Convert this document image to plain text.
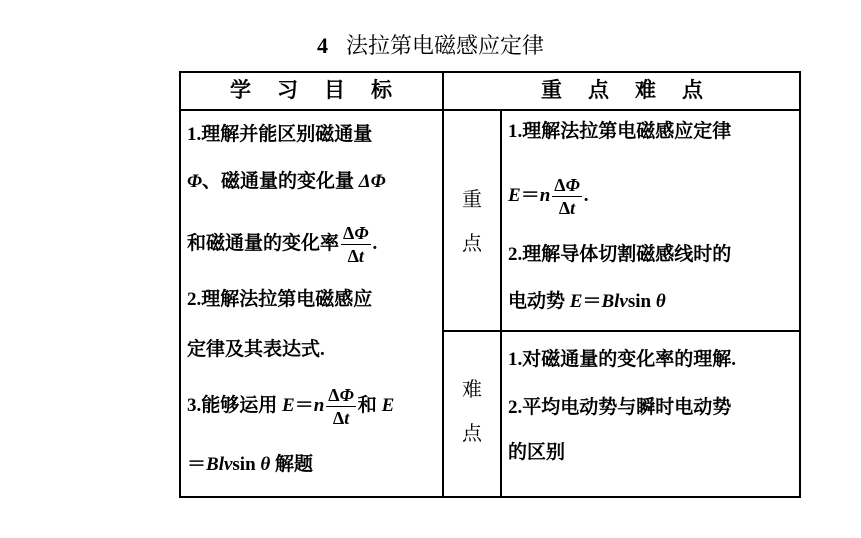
4 法拉第电磁感应定律
学习目标	重点难点
1.理解并能区别磁通量
Φ、磁通量的变化量 ΔΦ
和磁通量的变化率 $\frac{\Delta\Phi}{\Delta t}$ .
2.理解法拉第电磁感应
定律及其表达式.
3.能够运用 $E=n \frac{\Delta\Phi}{\Delta t}$ 和 E
＝Blvsin θ 解题
重
点
难
点
1.理解法拉第电磁感应定律
$E=n \frac{\Delta\Phi}{\Delta t}$ .
2.理解导体切割磁感线时的
电动势 E＝Blvsin θ
1.对磁通量的变化率的理解.
2.平均电动势与瞬时电动势
的区别
